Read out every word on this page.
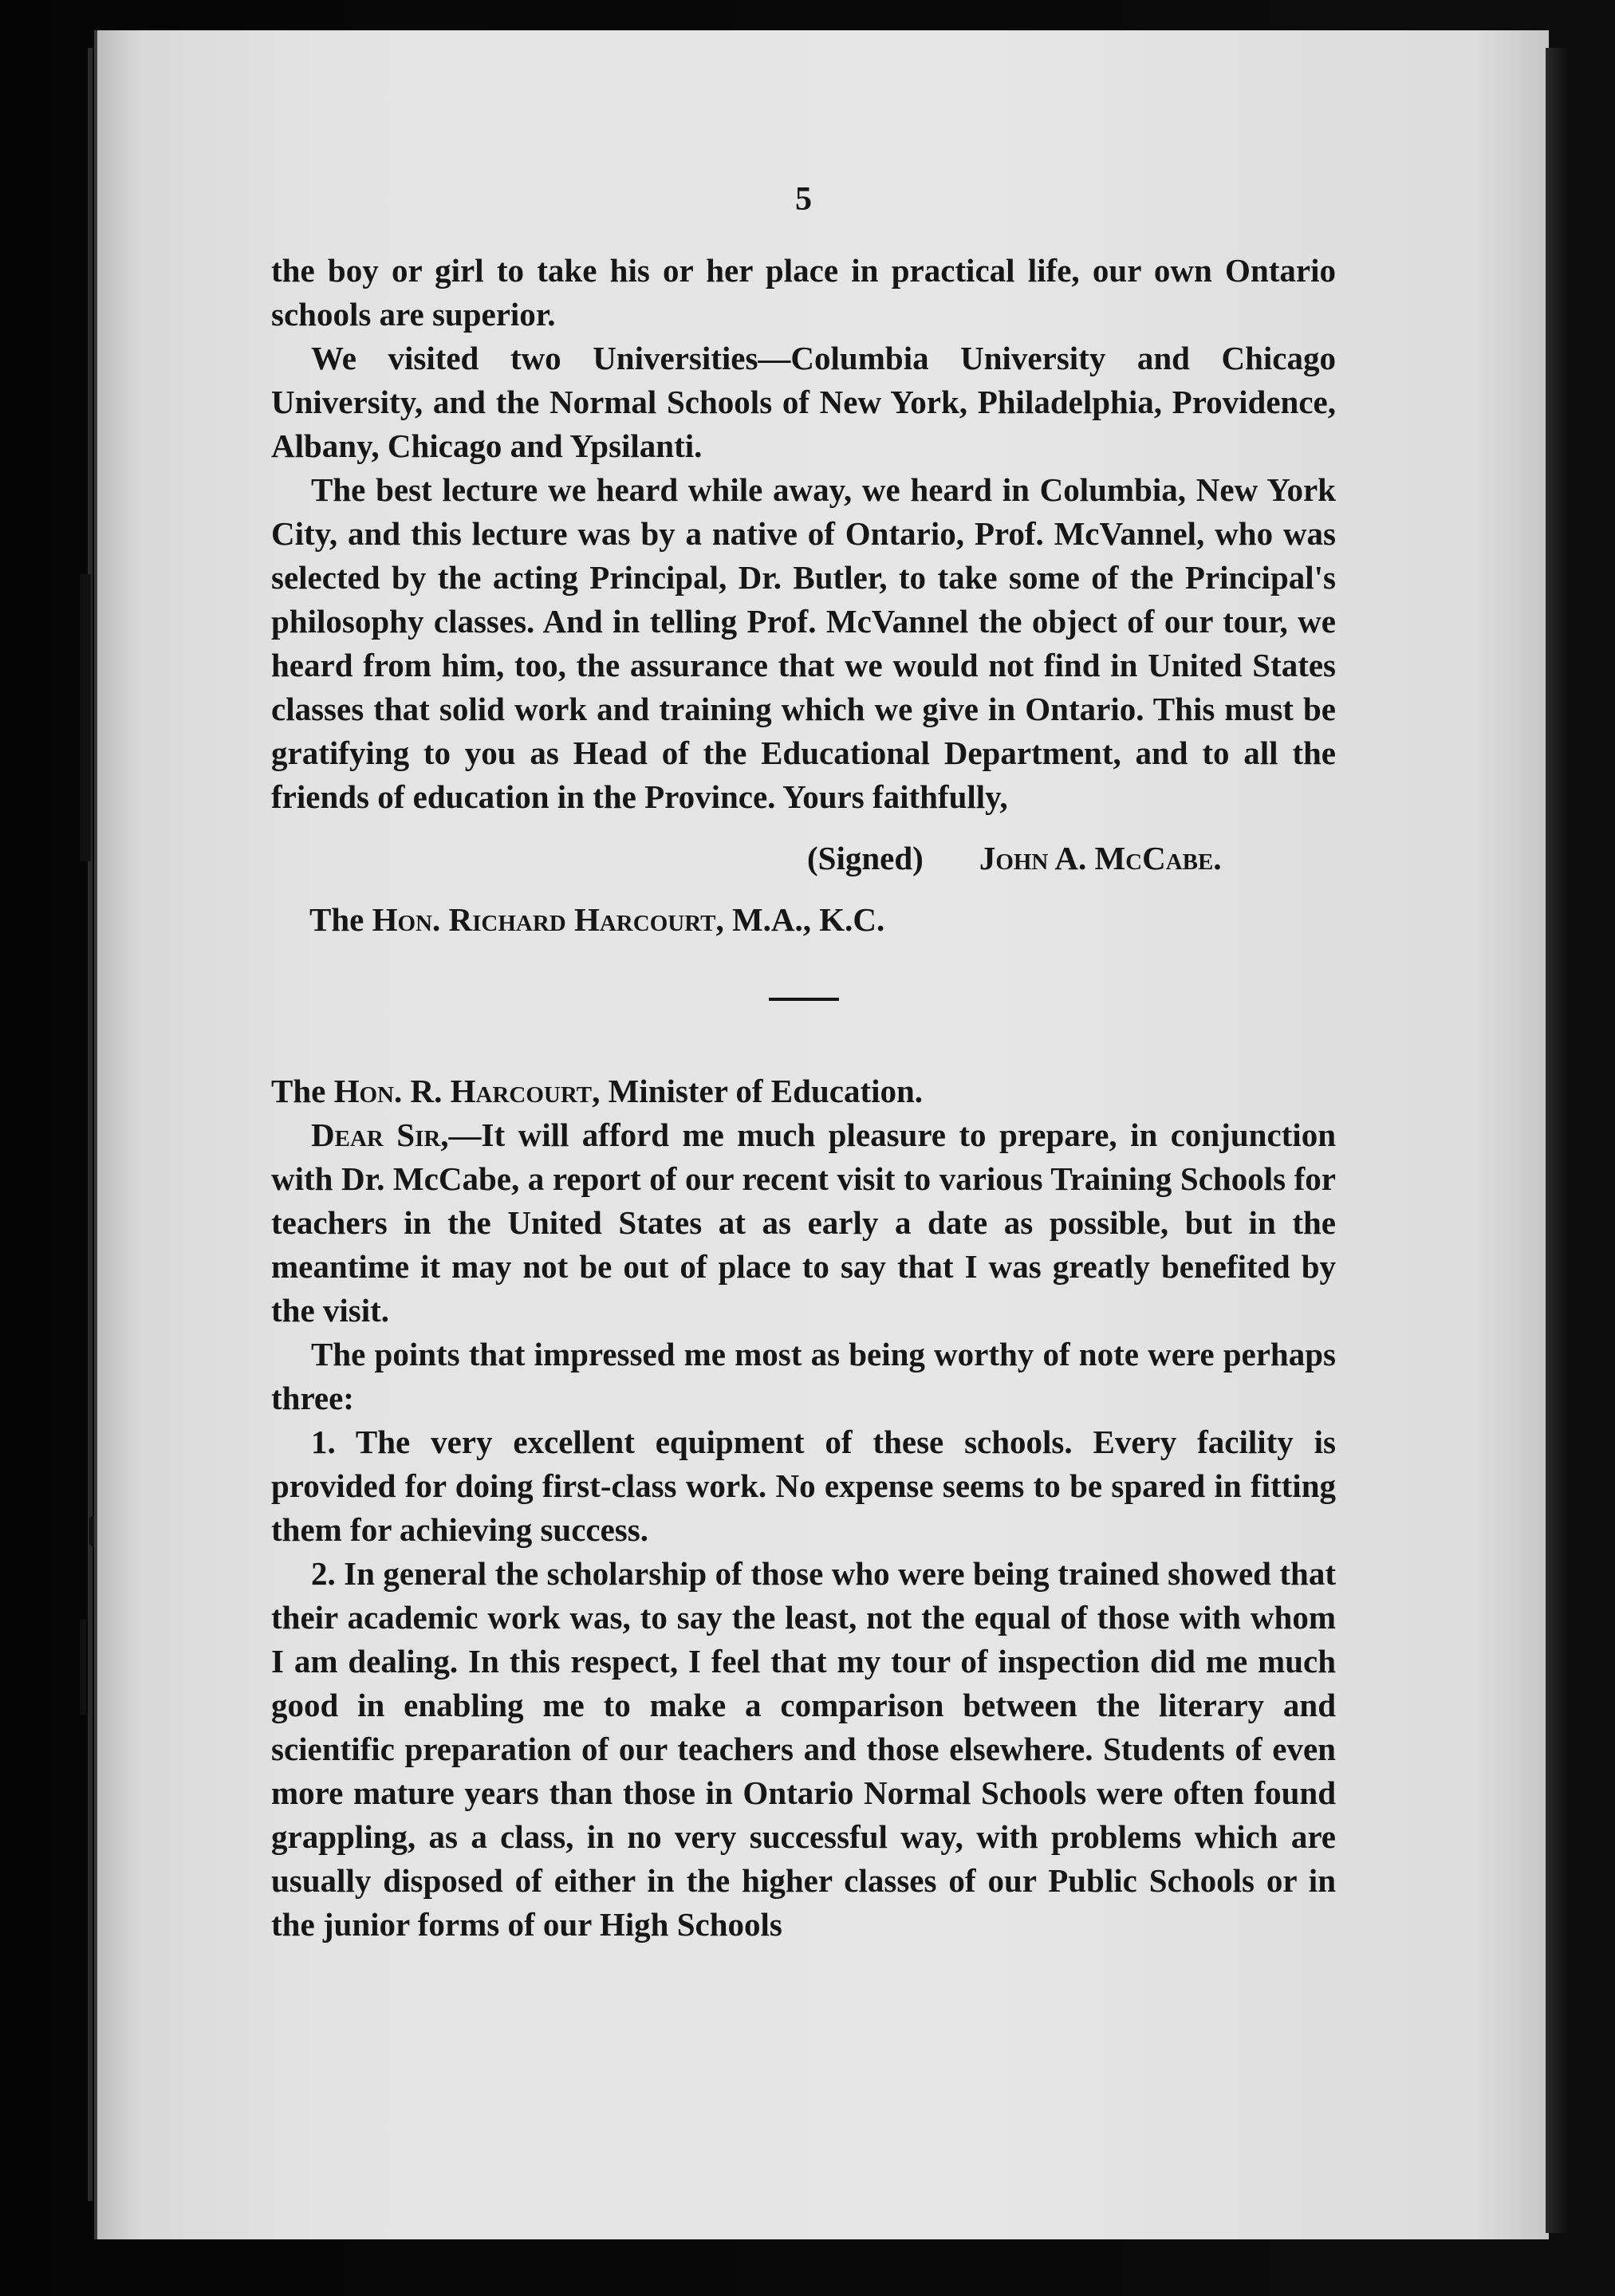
5

the boy or girl to take his or her place in practical life, our own Ontario schools are superior.

We visited two Universities—Columbia University and Chicago University, and the Normal Schools of New York, Philadelphia, Providence, Albany, Chicago and Ypsilanti.

The best lecture we heard while away, we heard in Columbia, New York City, and this lecture was by a native of Ontario, Prof. McVannel, who was selected by the acting Principal, Dr. Butler, to take some of the Principal's philosophy classes. And in telling Prof. McVannel the object of our tour, we heard from him, too, the assurance that we would not find in United States classes that solid work and training which we give in Ontario. This must be gratifying to you as Head of the Educational Department, and to all the friends of education in the Province. Yours faithfully,

(Signed) John A. McCabe.
The Hon. Richard Harcourt, M.A., K.C.

The Hon. R. Harcourt, Minister of Education.

Dear Sir,—It will afford me much pleasure to prepare, in conjunction with Dr. McCabe, a report of our recent visit to various Training Schools for teachers in the United States at as early a date as possible, but in the meantime it may not be out of place to say that I was greatly benefited by the visit.

The points that impressed me most as being worthy of note were perhaps three:

1. The very excellent equipment of these schools. Every facility is provided for doing first-class work. No expense seems to be spared in fitting them for achieving success.

2. In general the scholarship of those who were being trained showed that their academic work was, to say the least, not the equal of those with whom I am dealing. In this respect, I feel that my tour of inspection did me much good in enabling me to make a comparison between the literary and scientific preparation of our teachers and those elsewhere. Students of even more mature years than those in Ontario Normal Schools were often found grappling, as a class, in no very successful way, with problems which are usually disposed of either in the higher classes of our Public Schools or in the junior forms of our High Schools
